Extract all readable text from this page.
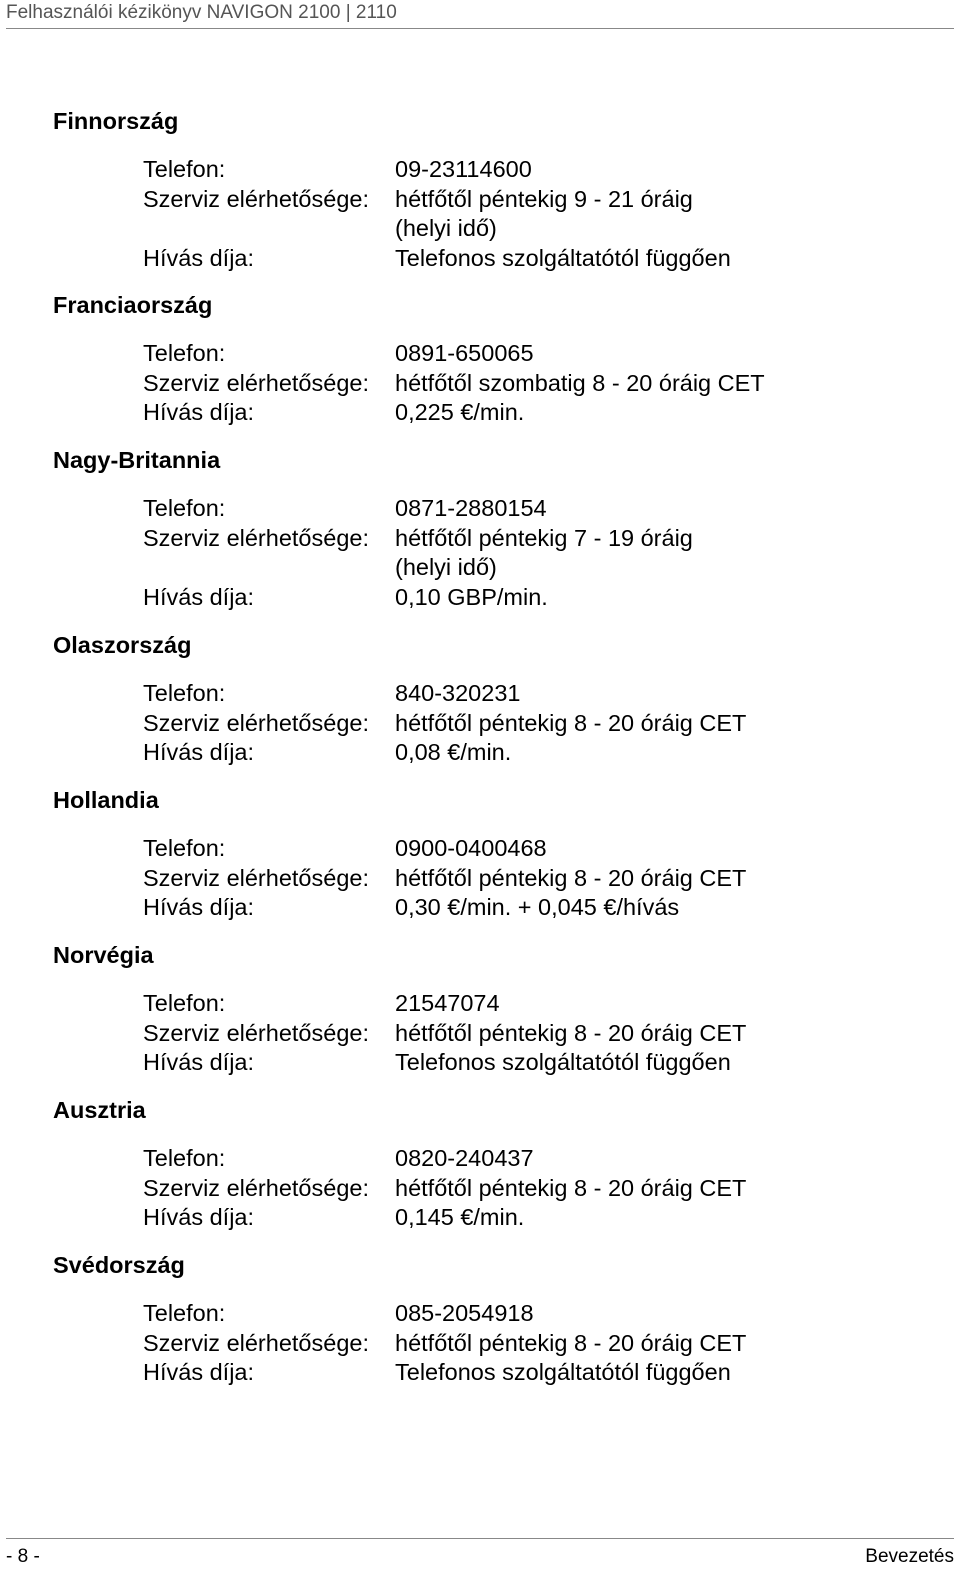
Felhasználói kézikönyv NAVIGON 2100 | 2110
Finnország
Telefon:	09-23114600
Szerviz elérhetősége: hétfőtől péntekig 9 - 21 óráig
(helyi idő)
Hívás díja:	Telefonos szolgáltatótól függően
Franciaország
Telefon:	0891-650065
Szerviz elérhetősége: hétfőtől szombatig 8 - 20 óráig CET
Hívás díja:	0,225 €/min.
Nagy-Britannia
Telefon:	0871-2880154
Szerviz elérhetősége: hétfőtől péntekig 7 - 19 óráig
(helyi idő)
Hívás díja:	0,10 GBP/min.
Olaszország
Telefon:	840-320231
Szerviz elérhetősége: hétfőtől péntekig 8 - 20 óráig CET
Hívás díja:	0,08 €/min.
Hollandia
Telefon:	0900-0400468
Szerviz elérhetősége: hétfőtől péntekig 8 - 20 óráig CET
Hívás díja:	0,30 €/min. + 0,045 €/hívás
Norvégia
Telefon:	21547074
Szerviz elérhetősége: hétfőtől péntekig 8 - 20 óráig CET
Hívás díja:	Telefonos szolgáltatótól függően
Ausztria
Telefon:	0820-240437
Szerviz elérhetősége: hétfőtől péntekig 8 - 20 óráig CET
Hívás díja:	0,145 €/min.
Svédország
Telefon:	085-2054918
Szerviz elérhetősége: hétfőtől péntekig 8 - 20 óráig CET
Hívás díja:	Telefonos szolgáltatótól függően
- 8 -	Bevezetés
